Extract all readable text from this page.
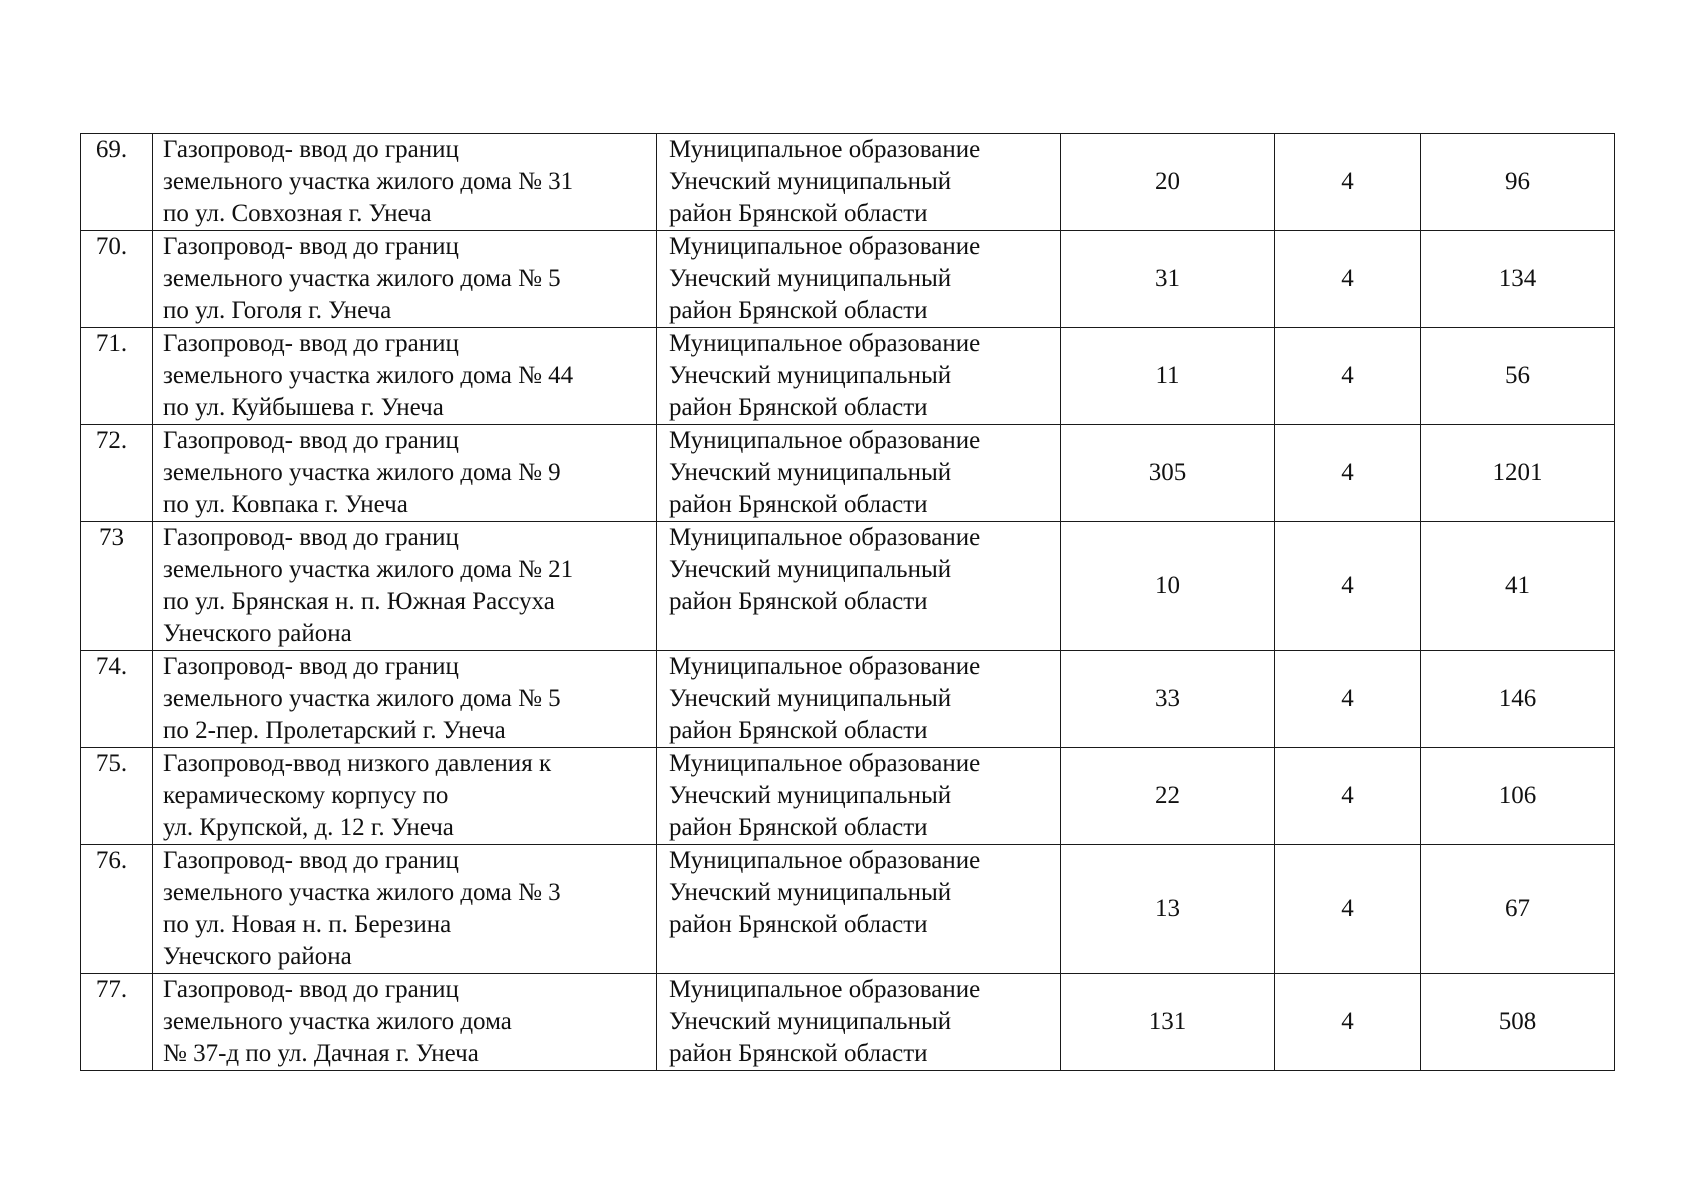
69.	Газопровод- ввод до границ
земельного участка жилого дома № 31
по ул. Совхозная г. Унеча	Муниципальное образование
Унечский муниципальный
район Брянской области	20	4	96
70.	Газопровод- ввод до границ
земельного участка жилого дома № 5
по ул. Гоголя г. Унеча	Муниципальное образование
Унечский муниципальный
район Брянской области	31	4	134
71.	Газопровод- ввод до границ
земельного участка жилого дома № 44
по ул. Куйбышева г. Унеча	Муниципальное образование
Унечский муниципальный
район Брянской области	11	4	56
72.	Газопровод- ввод до границ
земельного участка жилого дома № 9
по ул. Ковпака г. Унеча	Муниципальное образование
Унечский муниципальный
район Брянской области	305	4	1201
73	Газопровод- ввод до границ
земельного участка жилого дома № 21
по ул. Брянская н. п. Южная Рассуха
Унечского района	Муниципальное образование
Унечский муниципальный
район Брянской области	10	4	41
74.	Газопровод- ввод до границ
земельного участка жилого дома № 5
по 2-пер. Пролетарский г. Унеча	Муниципальное образование
Унечский муниципальный
район Брянской области	33	4	146
75.	Газопровод-ввод низкого давления к
керамическому корпусу по
ул. Крупской, д. 12 г. Унеча	Муниципальное образование
Унечский муниципальный
район Брянской области	22	4	106
76.	Газопровод- ввод до границ
земельного участка жилого дома № 3
по ул. Новая н. п. Березина
Унечского района	Муниципальное образование
Унечский муниципальный
район Брянской области	13	4	67
77.	Газопровод- ввод до границ
земельного участка жилого дома
№ 37-д по ул. Дачная г. Унеча	Муниципальное образование
Унечский муниципальный
район Брянской области	131	4	508
